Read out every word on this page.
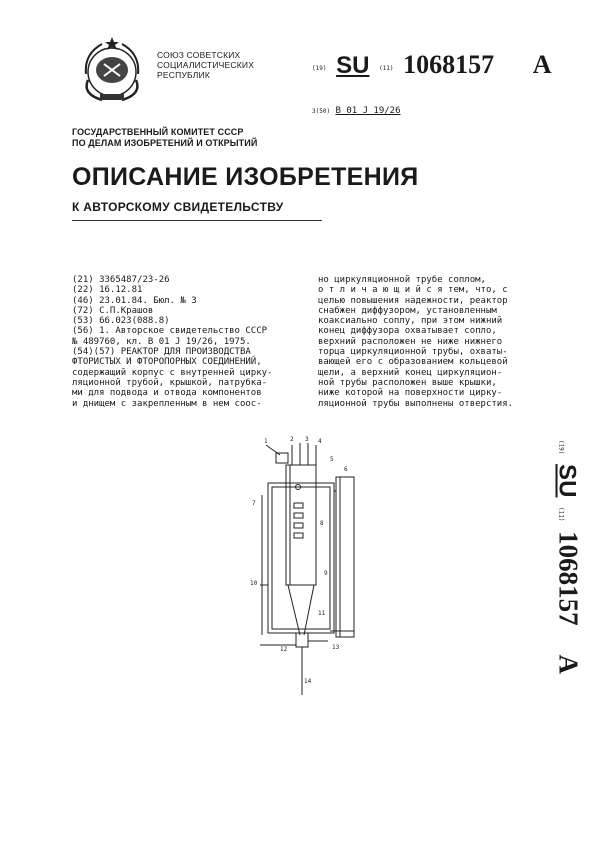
СОЮЗ СОВЕТСКИХ
СОЦИАЛИСТИЧЕСКИХ
РЕСПУБЛИК
(19) SU (11) 1068157 A
3(50) B 01 J 19/26
ГОСУДАРСТВЕННЫЙ КОМИТЕТ СССР
ПО ДЕЛАМ ИЗОБРЕТЕНИЙ И ОТКРЫТИЙ
ОПИСАНИЕ ИЗОБРЕТЕНИЯ
К АВТОРСКОМУ СВИДЕТЕЛЬСТВУ
(21) 3365487/23-26
(22) 16.12.81
(46) 23.01.84. Бюл. № 3
(72) С.П.Крашов
(53) 66.023(088.8)
(56) 1. Авторское свидетельство СССР
№ 489760, кл. В 01 J 19/26, 1975.
(54)(57) РЕАКТОР ДЛЯ ПРОИЗВОДСТВА
ФТОРИСТЫХ И ФТОРОПОРНЫХ СОЕДИНЕНИЙ,
содержащий корпус с внутренней цирку-
ляционной трубой, крышкой, патрубка-
ми для подвода и отвода компонентов
и днищем с закрепленным в нем соос-
но циркуляционной трубе соплом,
о т л и ч а ю щ и й с я тем, что, с
целью повышения надежности, реактор
снабжен диффузором, установленным
коаксиально соплу, при этом нижний
конец диффузора охватывает сопло,
верхний расположен не ниже нижнего
торца циркуляционной трубы, охваты-
вающей его с образованием кольцевой
щели, а верхний конец циркуляцион-
ной трубы расположен выше крышки,
ниже которой на поверхности цирку-
ляционной трубы выполнены отверстия.
(19) SU (11) 1068157   A
1	2 3 4
5
6
7
8
9
10
11
12	13
14
